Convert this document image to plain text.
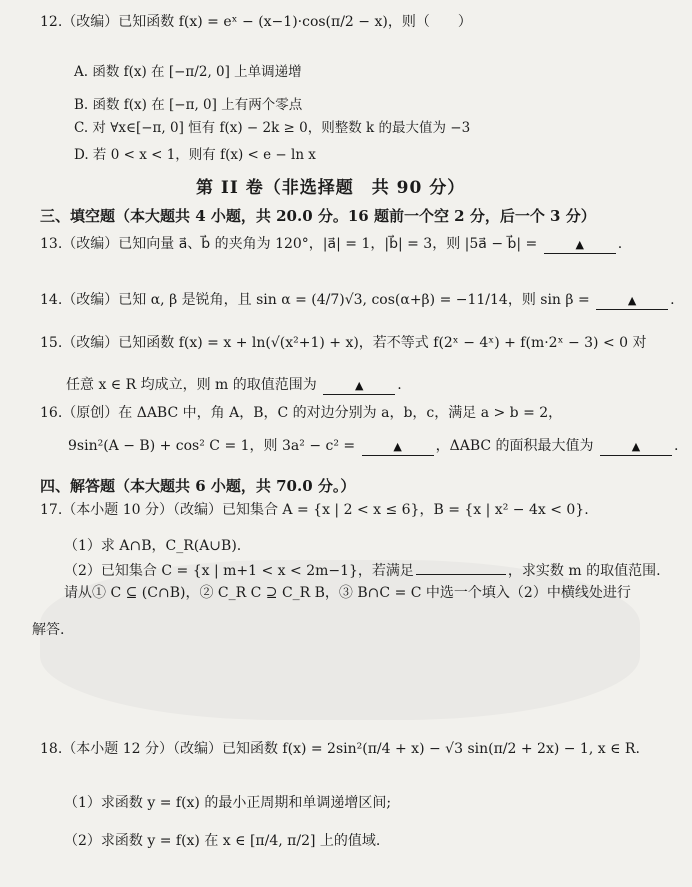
12.（改编）已知函数 f(x) = eˣ − (x−1)·cos(π/2 − x)，则（　　）
A. 函数 f(x) 在 [−π/2, 0] 上单调递增
B. 函数 f(x) 在 [−π, 0] 上有两个零点
C. 对 ∀x∈[−π, 0] 恒有 f(x) − 2k ≥ 0，则整数 k 的最大值为 −3
D. 若 0 < x < 1，则有 f(x) < e − ln x
第 II 卷（非选择题　共 90 分）
三、填空题（本大题共 4 小题，共 20.0 分。16 题前一个空 2 分，后一个 3 分）
13.（改编）已知向量 a⃗、b⃗ 的夹角为 120°，|a⃗| = 1，|b⃗| = 3，则 |5a⃗ − b⃗| =	▲ .
14.（改编）已知 α, β 是锐角，且 sin α = (4/7)√3, cos(α+β) = −11/14，则 sin β =	▲ .
15.（改编）已知函数 f(x) = x + ln(√(x²+1) + x)，若不等式 f(2ˣ − 4ˣ) + f(m·2ˣ − 3) < 0 对
任意 x ∈ R 均成立，则 m 的取值范围为	▲ .
16.（原创）在 ΔABC 中，角 A，B，C 的对边分别为 a，b，c，满足 a > b = 2，
9sin²(A − B) + cos² C = 1，则 3a² − c² =	▲ ，ΔABC 的面积最大值为	▲ .
四、解答题（本大题共 6 小题，共 70.0 分。）
17.（本小题 10 分）（改编）已知集合 A = {x | 2 < x ≤ 6}，B = {x | x² − 4x < 0}.
（1）求 A∩B，C_R(A∪B).
（2）已知集合 C = {x | m+1 < x < 2m−1}，若满足	，求实数 m 的取值范围.
请从① C ⊆ (C∩B)，② C_R C ⊇ C_R B，③ B∩C = C 中选一个填入（2）中横线处进行
解答.
18.（本小题 12 分）（改编）已知函数 f(x) = 2sin²(π/4 + x) − √3 sin(π/2 + 2x) − 1, x ∈ R.
（1）求函数 y = f(x) 的最小正周期和单调递增区间;
（2）求函数 y = f(x) 在 x ∈ [π/4, π/2] 上的值域.
